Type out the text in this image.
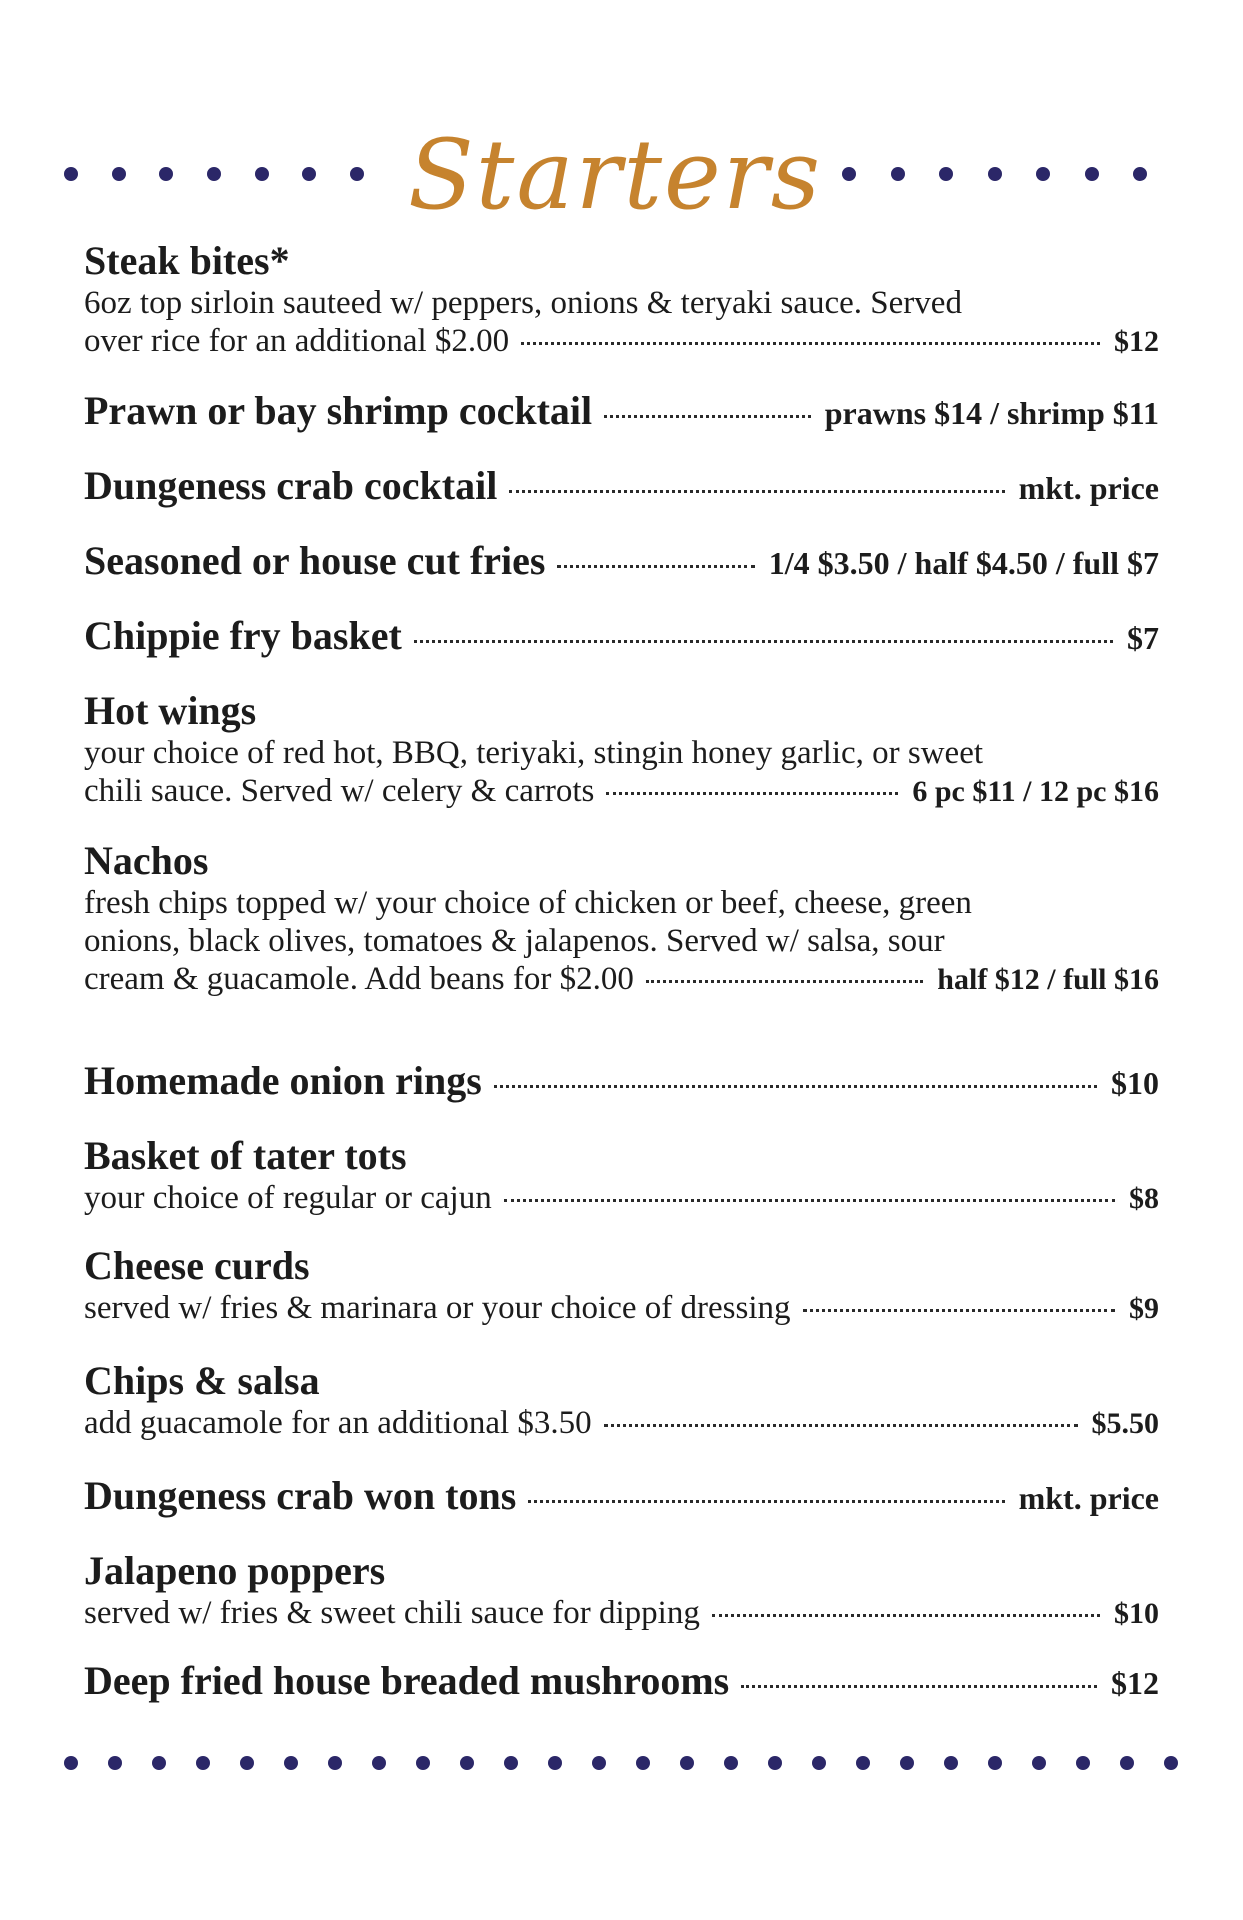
Starters
Steak bites*
6oz top sirloin sauteed w/ peppers, onions & teryaki sauce. Served
over rice for an additional $2.00	$12
Prawn or bay shrimp cocktail	prawns $14 / shrimp $11
Dungeness crab cocktail	mkt. price
Seasoned or house cut fries	1/4 $3.50 / half $4.50 / full $7
Chippie fry basket	$7
Hot wings
your choice of red hot, BBQ, teriyaki, stingin honey garlic, or sweet
chili sauce. Served w/ celery & carrots	6 pc $11 / 12 pc $16
Nachos
fresh chips topped w/ your choice of chicken or beef, cheese, green
onions, black olives, tomatoes & jalapenos. Served w/ salsa, sour
cream & guacamole. Add beans for $2.00	half $12 / full $16
Homemade onion rings	$10
Basket of tater tots
your choice of regular or cajun	$8
Cheese curds
served w/ fries & marinara or your choice of dressing	$9
Chips & salsa
add guacamole for an additional $3.50	$5.50
Dungeness crab won tons	mkt. price
Jalapeno poppers
served w/ fries & sweet chili sauce for dipping	$10
Deep fried house breaded mushrooms	$12
